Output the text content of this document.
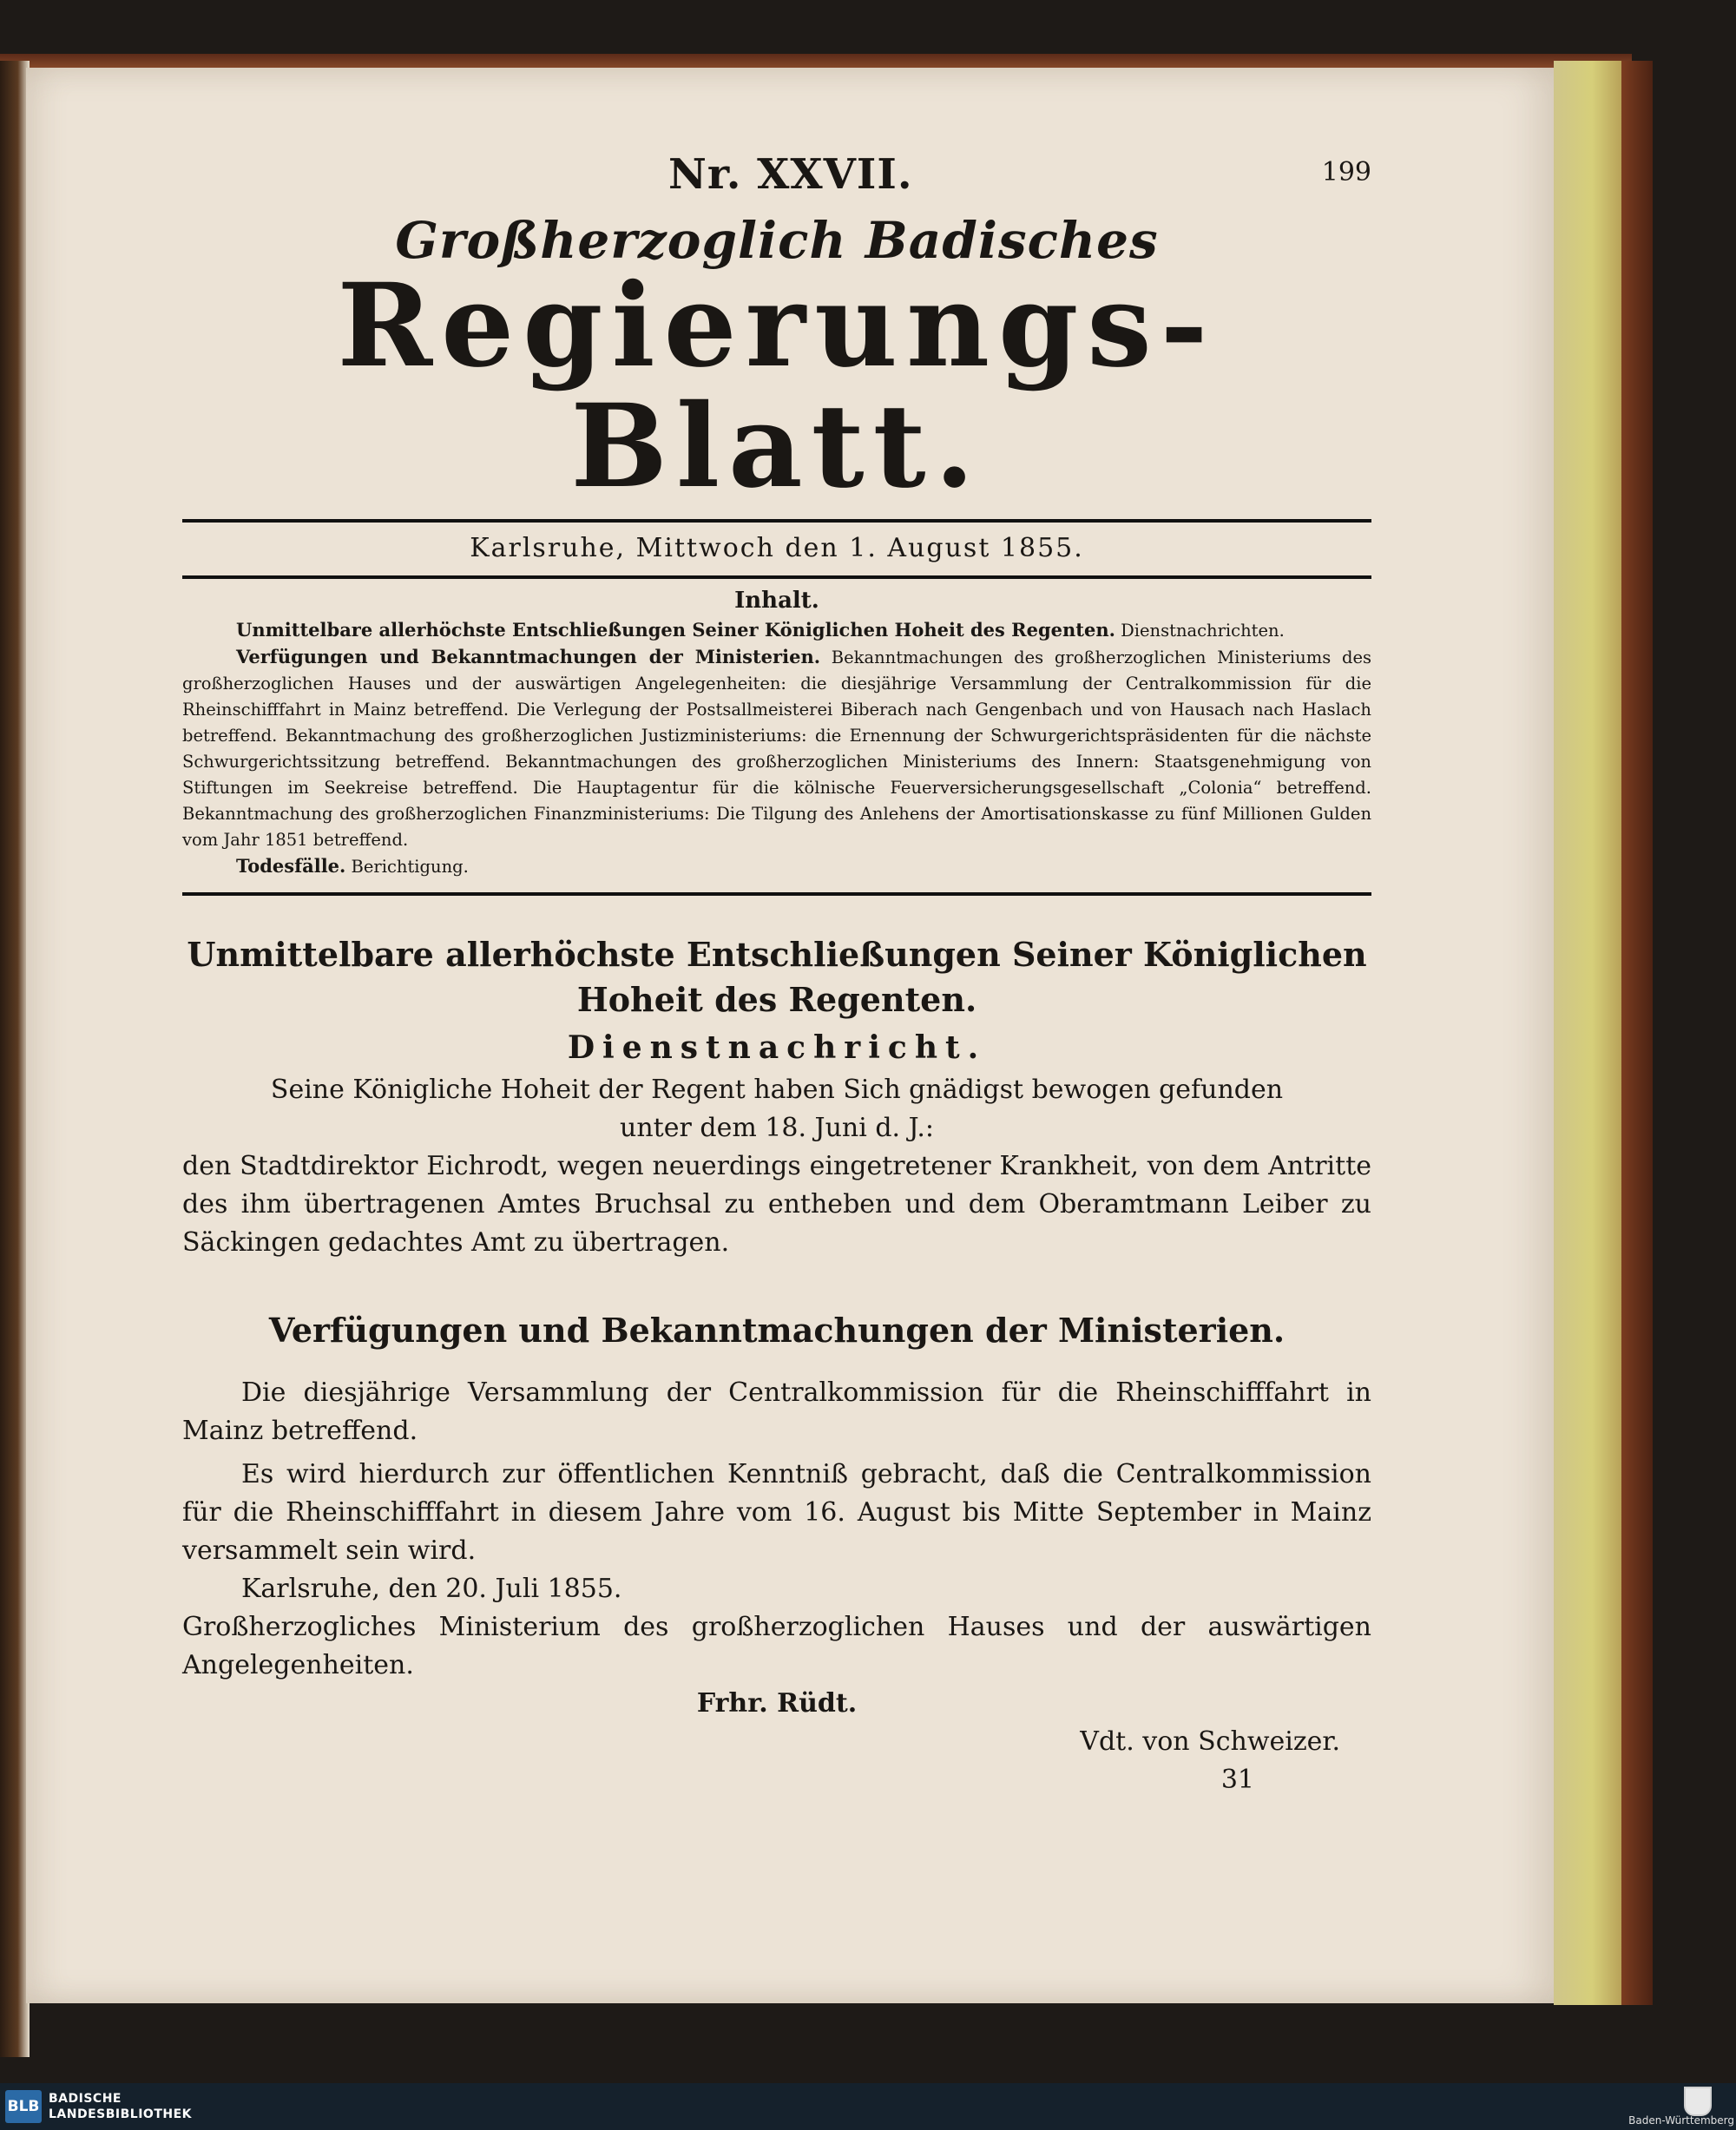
Nr. XXVII.	199
Großherzoglich Badisches
Regierungs-Blatt.
Karlsruhe, Mittwoch den 1. August 1855.
Inhalt.

Unmittelbare allerhöchste Entschließungen Seiner Königlichen Hoheit des Regenten. Dienstnachrichten.

Verfügungen und Bekanntmachungen der Ministerien. Bekanntmachungen des großherzoglichen Ministeriums des großherzoglichen Hauses und der auswärtigen Angelegenheiten: die diesjährige Versammlung der Centralkommission für die Rheinschifffahrt in Mainz betreffend. Die Verlegung der Postsallmeisterei Biberach nach Gengenbach und von Hausach nach Haslach betreffend. Bekanntmachung des großherzoglichen Justizministeriums: die Ernennung der Schwurgerichtspräsidenten für die nächste Schwurgerichtssitzung betreffend. Bekanntmachungen des großherzoglichen Ministeriums des Innern: Staatsgenehmigung von Stiftungen im Seekreise betreffend. Die Hauptagentur für die kölnische Feuerversicherungsgesellschaft „Colonia“ betreffend. Bekanntmachung des großherzoglichen Finanzministeriums: Die Tilgung des Anlehens der Amortisationskasse zu fünf Millionen Gulden vom Jahr 1851 betreffend.

Todesfälle. Berichtigung.

Unmittelbare allerhöchste Entschließungen Seiner Königlichen Hoheit des Regenten.
Dienstnachricht.

Seine Königliche Hoheit der Regent haben Sich gnädigst bewogen gefunden

unter dem 18. Juni d. J.:

den Stadtdirektor Eichrodt, wegen neuerdings eingetretener Krankheit, von dem Antritte des ihm übertragenen Amtes Bruchsal zu entheben und dem Oberamtmann Leiber zu Säckingen gedachtes Amt zu übertragen.

Verfügungen und Bekanntmachungen der Ministerien.

Die diesjährige Versammlung der Centralkommission für die Rheinschifffahrt in Mainz betreffend.

Es wird hierdurch zur öffentlichen Kenntniß gebracht, daß die Centralkommission für die Rheinschifffahrt in diesem Jahre vom 16. August bis Mitte September in Mainz versammelt sein wird.

Karlsruhe, den 20. Juli 1855.

Großherzogliches Ministerium des großherzoglichen Hauses und der auswärtigen Angelegenheiten.

Frhr. Rüdt.

Vdt. von Schweizer.

31

BLB BADISCHE
LANDESBIBLIOTHEK	Baden-Württemberg
